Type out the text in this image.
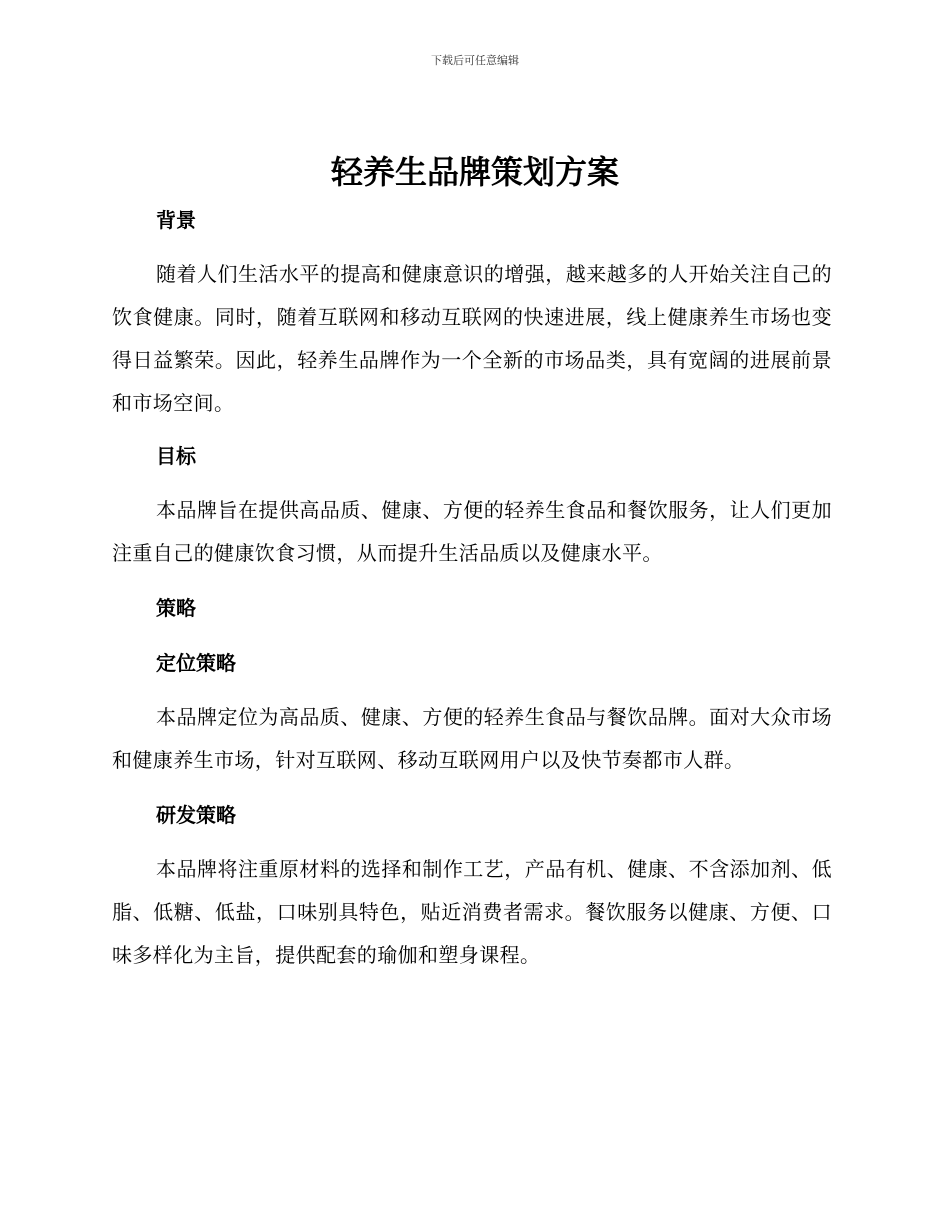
下载后可任意编辑
轻养生品牌策划方案
背景

随着人们生活水平的提高和健康意识的增强，越来越多的人开始关注自己的饮食健康。同时，随着互联网和移动互联网的快速进展，线上健康养生市场也变得日益繁荣。因此，轻养生品牌作为一个全新的市场品类，具有宽阔的进展前景和市场空间。

目标

本品牌旨在提供高品质、健康、方便的轻养生食品和餐饮服务，让人们更加注重自己的健康饮食习惯，从而提升生活品质以及健康水平。

策略
定位策略

本品牌定位为高品质、健康、方便的轻养生食品与餐饮品牌。面对大众市场和健康养生市场，针对互联网、移动互联网用户以及快节奏都市人群。

研发策略

本品牌将注重原材料的选择和制作工艺，产品有机、健康、不含添加剂、低脂、低糖、低盐，口味别具特色，贴近消费者需求。餐饮服务以健康、方便、口味多样化为主旨，提供配套的瑜伽和塑身课程。
